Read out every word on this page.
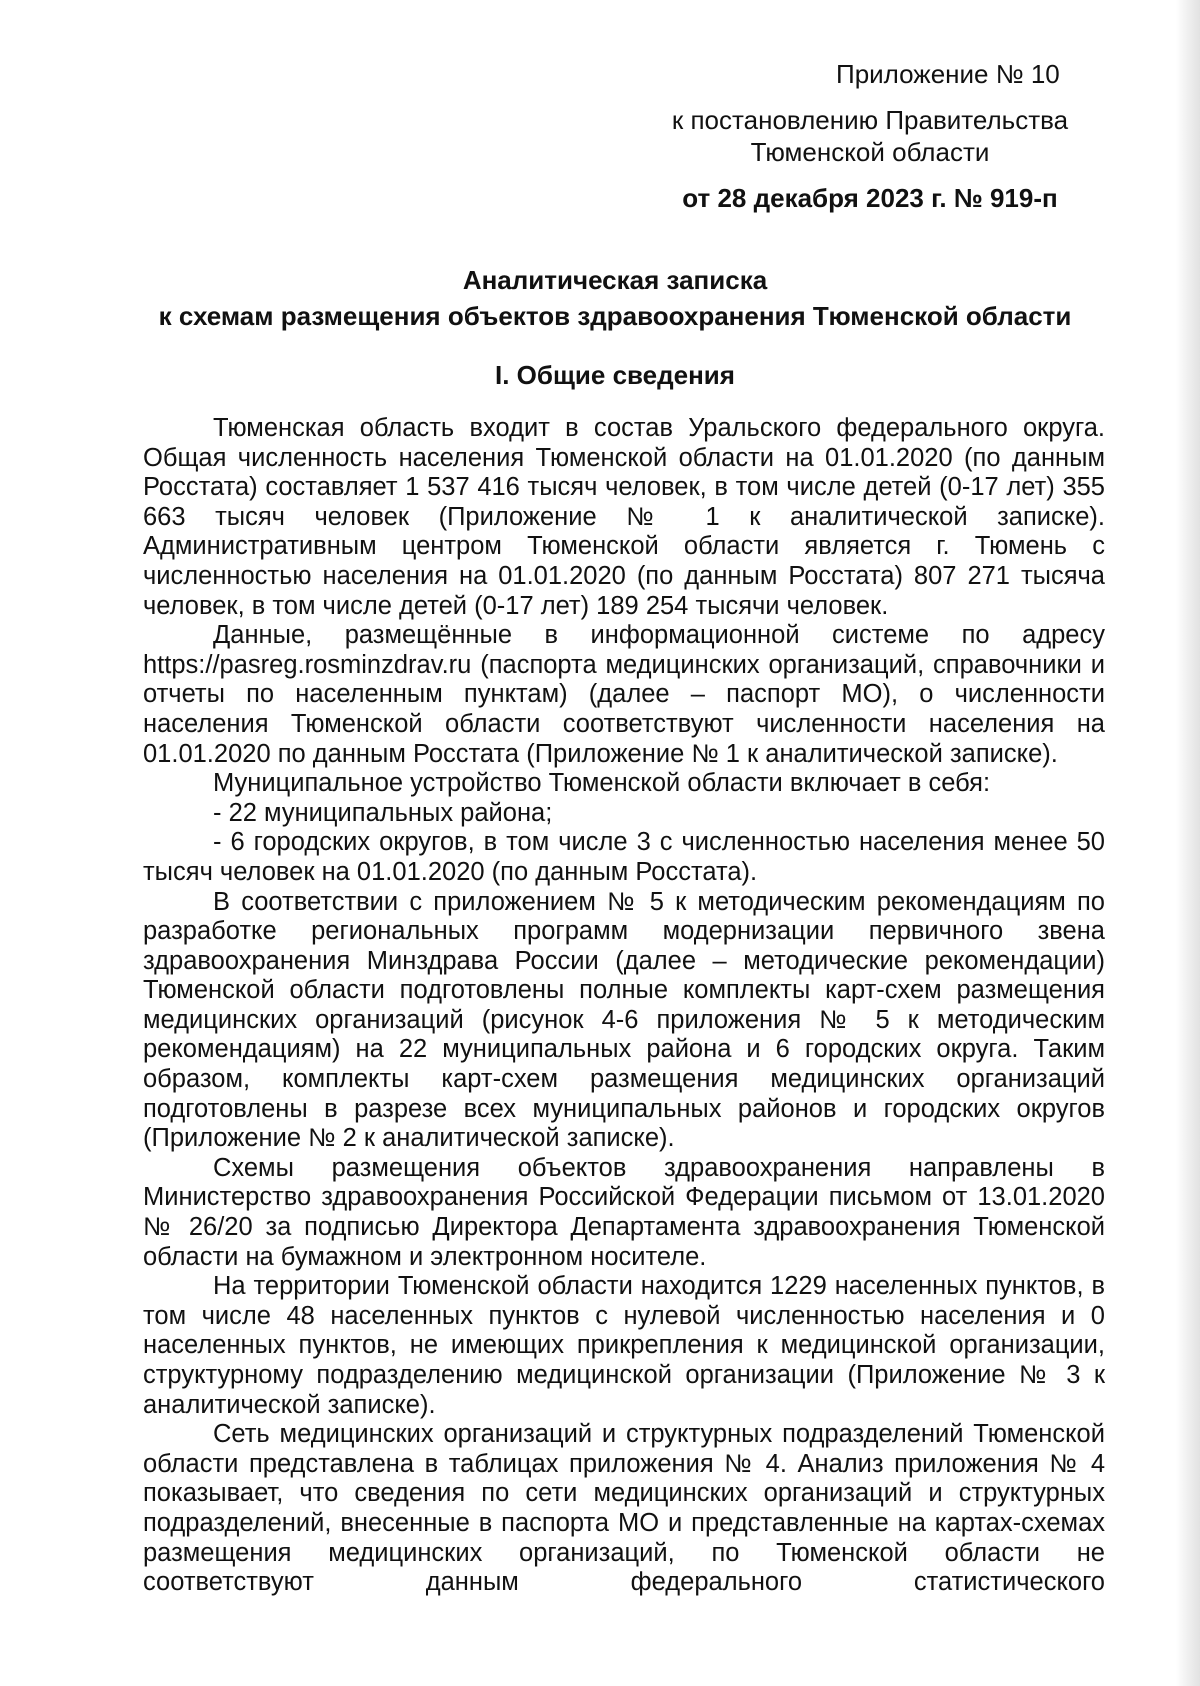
Приложение № 10
к постановлению Правительства
Тюменской области
от 28 декабря 2023 г. № 919-п
Аналитическая записка
к схемам размещения объектов здравоохранения Тюменской области
I. Общие сведения

Тюменская область входит в состав Уральского федерального округа. Общая численность населения Тюменской области на 01.01.2020 (по данным Росстата) составляет 1 537 416 тысяч человек, в том числе детей (0-17 лет) 355 663 тысяч человек (Приложение № 1 к аналитической записке). Административным центром Тюменской области является г. Тюмень с численностью населения на 01.01.2020 (по данным Росстата) 807 271 тысяча человек, в том числе детей (0-17 лет) 189 254 тысячи человек.

Данные, размещённые в информационной системе по адресу https://pasreg.rosminzdrav.ru (паспорта медицинских организаций, справочники и отчеты по населенным пунктам) (далее – паспорт МО), о численности населения Тюменской области соответствуют численности населения на 01.01.2020 по данным Росстата (Приложение № 1 к аналитической записке).

Муниципальное устройство Тюменской области включает в себя:

- 22 муниципальных района;

- 6 городских округов, в том числе 3 с численностью населения менее 50 тысяч человек на 01.01.2020 (по данным Росстата).

В соответствии с приложением № 5 к методическим рекомендациям по разработке региональных программ модернизации первичного звена здравоохранения Минздрава России (далее – методические рекомендации) Тюменской области подготовлены полные комплекты карт-схем размещения медицинских организаций (рисунок 4-6 приложения № 5 к методическим рекомендациям) на 22 муниципальных района и 6 городских округа. Таким образом, комплекты карт-схем размещения медицинских организаций подготовлены в разрезе всех муниципальных районов и городских округов (Приложение № 2 к аналитической записке).

Схемы размещения объектов здравоохранения направлены в Министерство здравоохранения Российской Федерации письмом от 13.01.2020 № 26/20 за подписью Директора Департамента здравоохранения Тюменской области на бумажном и электронном носителе.

На территории Тюменской области находится 1229 населенных пунктов, в том числе 48 населенных пунктов с нулевой численностью населения и 0 населенных пунктов, не имеющих прикрепления к медицинской организации, структурному подразделению медицинской организации (Приложение № 3 к аналитической записке).

Сеть медицинских организаций и структурных подразделений Тюменской области представлена в таблицах приложения № 4. Анализ приложения № 4 показывает, что сведения по сети медицинских организаций и структурных подразделений, внесенные в паспорта МО и представленные на картах-схемах размещения медицинских организаций, по Тюменской области не соответствуют данным федерального статистического
